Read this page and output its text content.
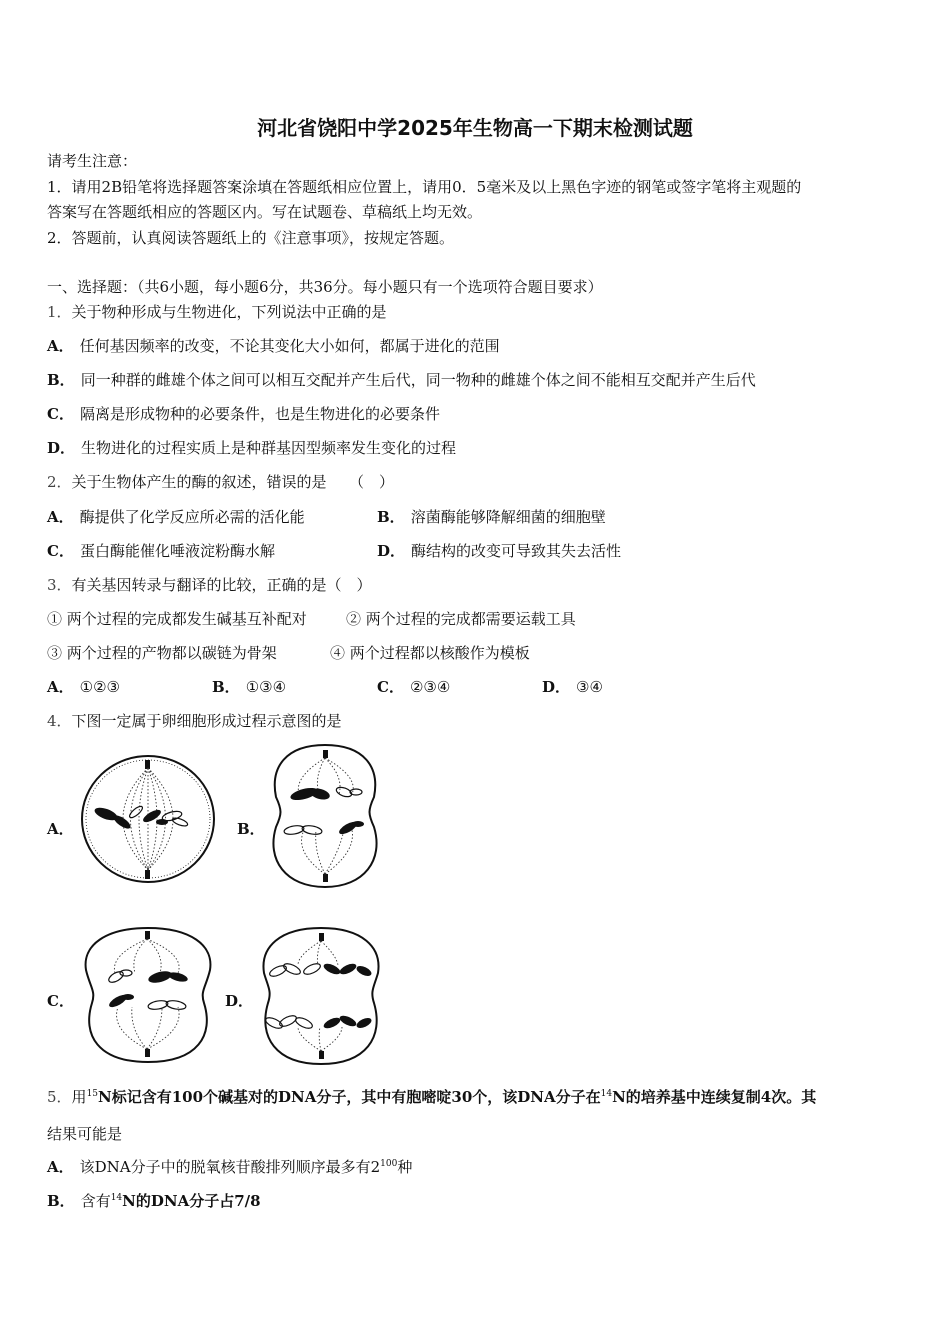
河北省饶阳中学2025年生物高一下期末检测试题
请考生注意：
1．请用2B铅笔将选择题答案涂填在答题纸相应位置上，请用0．5毫米及以上黑色字迹的钢笔或签字笔将主观题的
答案写在答题纸相应的答题区内。写在试题卷、草稿纸上均无效。
2．答题前，认真阅读答题纸上的《注意事项》，按规定答题。
一、选择题：（共6小题，每小题6分，共36分。每小题只有一个选项符合题目要求）
1．关于物种形成与生物进化，下列说法中正确的是
A． 任何基因频率的改变，不论其变化大小如何，都属于进化的范围
B． 同一种群的雌雄个体之间可以相互交配并产生后代，同一物种的雌雄个体之间不能相互交配并产生后代
C． 隔离是形成物种的必要条件，也是生物进化的必要条件
D． 生物进化的过程实质上是种群基因型频率发生变化的过程
2．关于生物体产生的酶的叙述，错误的是　　（　）
A． 酶提供了化学反应所必需的活化能	B． 溶菌酶能够降解细菌的细胞壁
C． 蛋白酶能催化唾液淀粉酶水解	D． 酶结构的改变可导致其失去活性
3．有关基因转录与翻译的比较，正确的是（　）
① 两个过程的完成都发生碱基互补配对	② 两个过程的完成都需要运载工具
③ 两个过程的产物都以碳链为骨架	④ 两个过程都以核酸作为模板
A． ①②③	B． ①③④	C． ②③④	D． ③④
4．下图一定属于卵细胞形成过程示意图的是
A．	B．
C．	D．
5．用$^{15}$N标记含有100个碱基对的DNA分子，其中有胞嘧啶30个，该DNA分子在$^{14}$N的培养基中连续复制4次。其
结果可能是
A． 该DNA分子中的脱氧核苷酸排列顺序最多有$2^{100}$种
B． 含有$^{14}$N的DNA分子占7/8
